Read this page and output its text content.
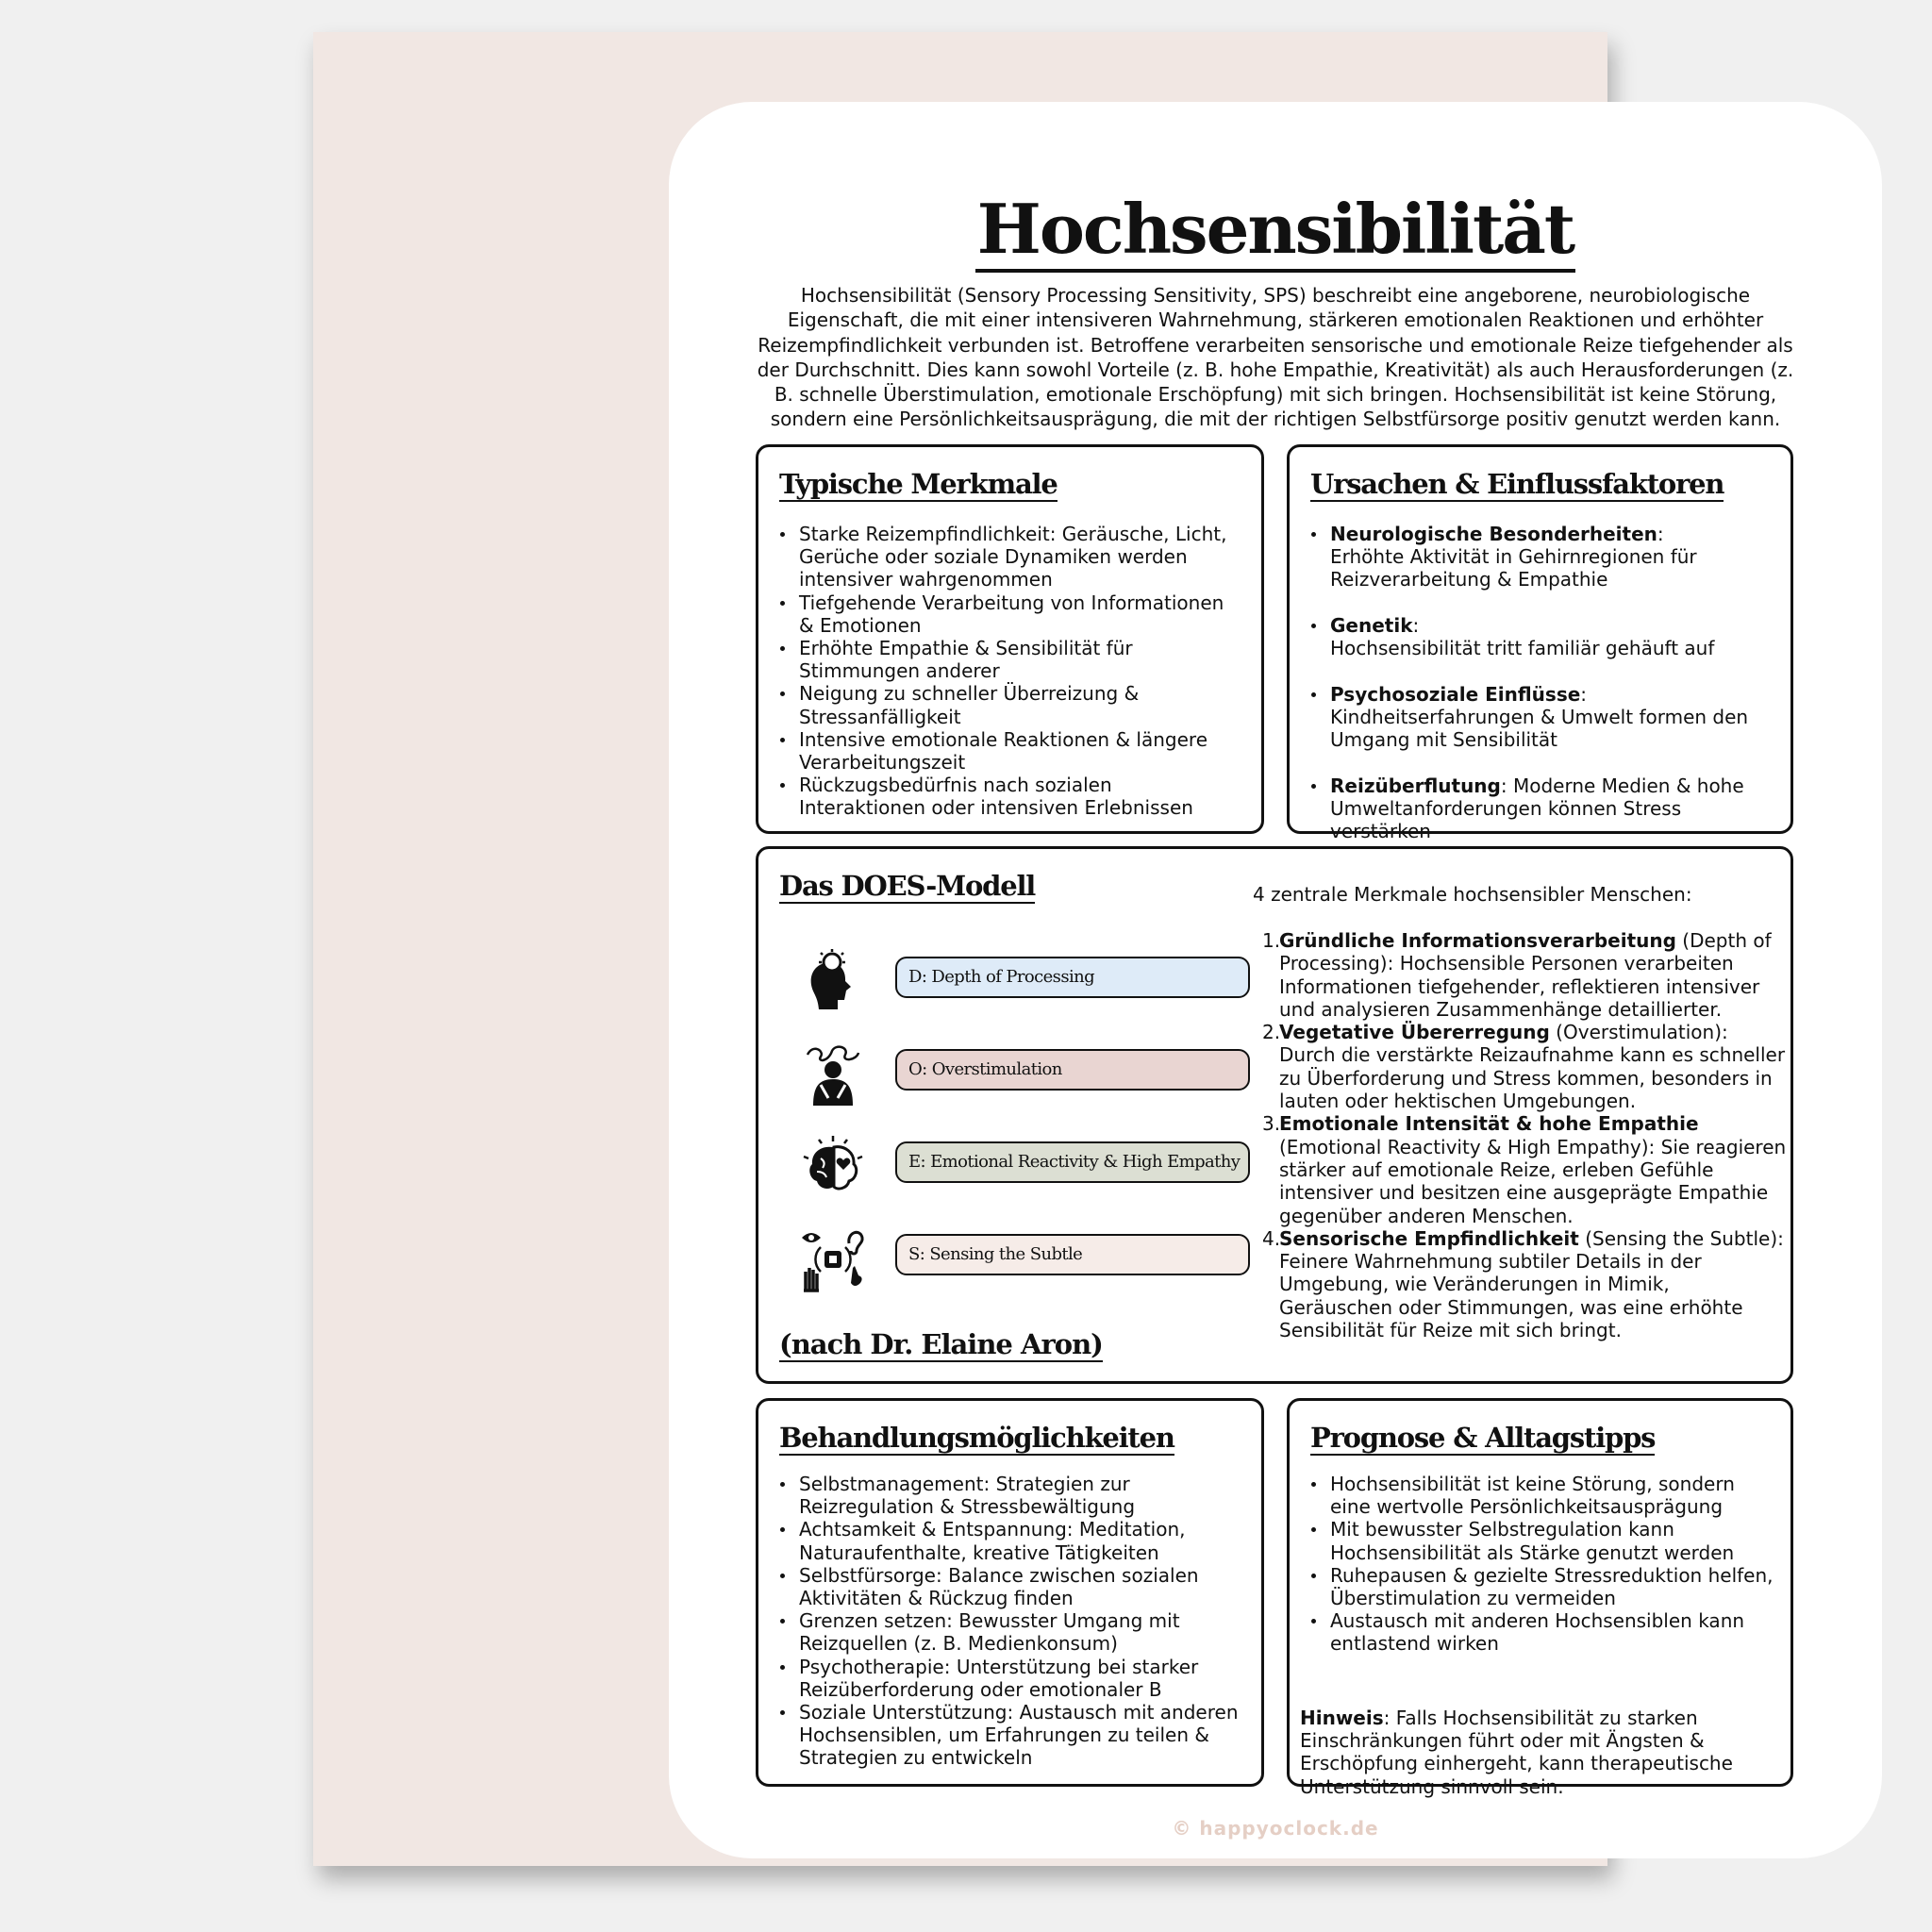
Hochsensibilität

Hochsensibilität (Sensory Processing Sensitivity, SPS) beschreibt eine angeborene, neurobiologische Eigenschaft, die mit einer intensiveren Wahrnehmung, stärkeren emotionalen Reaktionen und erhöhter Reizempfindlichkeit verbunden ist. Betroffene verarbeiten sensorische und emotionale Reize tiefgehender als der Durchschnitt. Dies kann sowohl Vorteile (z. B. hohe Empathie, Kreativität) als auch Herausforderungen (z. B. schnelle Überstimulation, emotionale Erschöpfung) mit sich bringen. Hochsensibilität ist keine Störung, sondern eine Persönlichkeitsausprägung, die mit der richtigen Selbstfürsorge positiv genutzt werden kann.

Typische Merkmale
Starke Reizempfindlichkeit: Geräusche, Licht, Gerüche oder soziale Dynamiken werden intensiver wahrgenommen
Tiefgehende Verarbeitung von Informationen & Emotionen
Erhöhte Empathie & Sensibilität für Stimmungen anderer
Neigung zu schneller Überreizung & Stressanfälligkeit
Intensive emotionale Reaktionen & längere Verarbeitungszeit
Rückzugsbedürfnis nach sozialen Interaktionen oder intensiven Erlebnissen
Ursachen & Einflussfaktoren
Neurologische Besonderheiten:
Erhöhte Aktivität in Gehirnregionen für Reizverarbeitung & Empathie
Genetik:
Hochsensibilität tritt familiär gehäuft auf
Psychosoziale Einflüsse: Kindheitserfahrungen & Umwelt formen den Umgang mit Sensibilität
Reizüberflutung: Moderne Medien & hohe Umweltanforderungen können Stress verstärken
Das DOES-Modell	4 zentrale Merkmale hochsensibler Menschen:
D: Depth of Processing
O: Overstimulation
E: Emotional Reactivity & High Empathy
S: Sensing the Subtle
1.
Gründliche Informationsverarbeitung (Depth of Processing): Hochsensible Personen verarbeiten Informationen tiefgehender, reflektieren intensiver und analysieren Zusammenhänge detaillierter.
2.
Vegetative Übererregung (Overstimulation): Durch die verstärkte Reizaufnahme kann es schneller zu Überforderung und Stress kommen, besonders in lauten oder hektischen Umgebungen.
3.
Emotionale Intensität & hohe Empathie (Emotional Reactivity & High Empathy): Sie reagieren stärker auf emotionale Reize, erleben Gefühle intensiver und besitzen eine ausgeprägte Empathie gegenüber anderen Menschen.
4.
Sensorische Empfindlichkeit (Sensing the Subtle): Feinere Wahrnehmung subtiler Details in der Umgebung, wie Veränderungen in Mimik, Geräuschen oder Stimmungen, was eine erhöhte Sensibilität für Reize mit sich bringt.
(nach Dr. Elaine Aron)
Behandlungsmöglichkeiten
Selbstmanagement: Strategien zur Reizregulation & Stressbewältigung
Achtsamkeit & Entspannung: Meditation, Naturaufenthalte, kreative Tätigkeiten
Selbstfürsorge: Balance zwischen sozialen Aktivitäten & Rückzug finden
Grenzen setzen: Bewusster Umgang mit Reizquellen (z. B. Medienkonsum)
Psychotherapie: Unterstützung bei starker Reizüberforderung oder emotionaler B
Soziale Unterstützung: Austausch mit anderen Hochsensiblen, um Erfahrungen zu teilen & Strategien zu entwickeln
Prognose & Alltagstipps
Hochsensibilität ist keine Störung, sondern eine wertvolle Persönlichkeitsausprägung
Mit bewusster Selbstregulation kann Hochsensibilität als Stärke genutzt werden
Ruhepausen & gezielte Stressreduktion helfen, Überstimulation zu vermeiden
Austausch mit anderen Hochsensiblen kann entlastend wirken

Hinweis: Falls Hochsensibilität zu starken Einschränkungen führt oder mit Ängsten & Erschöpfung einhergeht, kann therapeutische Unterstützung sinnvoll sein.

© happyoclock.de
